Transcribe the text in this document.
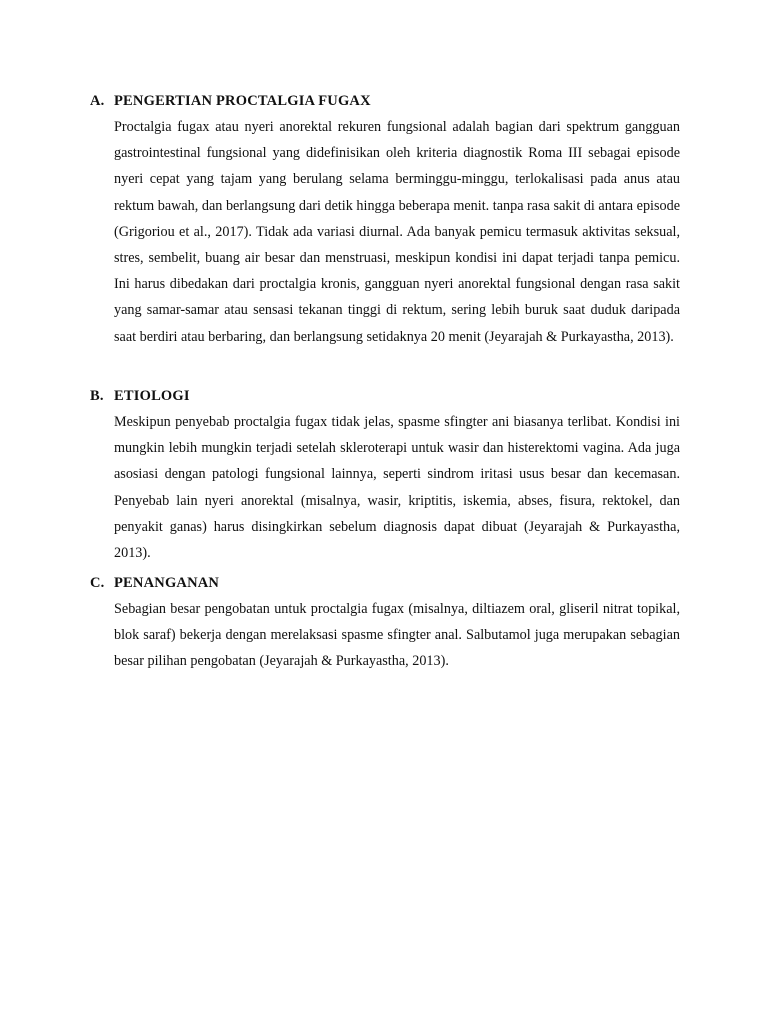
A. PENGERTIAN PROCTALGIA FUGAX
Proctalgia fugax atau nyeri anorektal rekuren fungsional adalah bagian dari spektrum gangguan gastrointestinal fungsional yang didefinisikan oleh kriteria diagnostik Roma III sebagai episode nyeri cepat yang tajam yang berulang selama berminggu-minggu, terlokalisasi pada anus atau rektum bawah, dan berlangsung dari detik hingga beberapa menit. tanpa rasa sakit di antara episode (Grigoriou et al., 2017). Tidak ada variasi diurnal. Ada banyak pemicu termasuk aktivitas seksual, stres, sembelit, buang air besar dan menstruasi, meskipun kondisi ini dapat terjadi tanpa pemicu. Ini harus dibedakan dari proctalgia kronis, gangguan nyeri anorektal fungsional dengan rasa sakit yang samar-samar atau sensasi tekanan tinggi di rektum, sering lebih buruk saat duduk daripada saat berdiri atau berbaring, dan berlangsung setidaknya 20 menit (Jeyarajah & Purkayastha, 2013).
B. ETIOLOGI
Meskipun penyebab proctalgia fugax tidak jelas, spasme sfingter ani biasanya terlibat. Kondisi ini mungkin lebih mungkin terjadi setelah skleroterapi untuk wasir dan histerektomi vagina. Ada juga asosiasi dengan patologi fungsional lainnya, seperti sindrom iritasi usus besar dan kecemasan. Penyebab lain nyeri anorektal (misalnya, wasir, kriptitis, iskemia, abses, fisura, rektokel, dan penyakit ganas) harus disingkirkan sebelum diagnosis dapat dibuat (Jeyarajah & Purkayastha, 2013).
C. PENANGANAN
Sebagian besar pengobatan untuk proctalgia fugax (misalnya, diltiazem oral, gliseril nitrat topikal, blok saraf) bekerja dengan merelaksasi spasme sfingter anal. Salbutamol juga merupakan sebagian besar pilihan pengobatan (Jeyarajah & Purkayastha, 2013).
